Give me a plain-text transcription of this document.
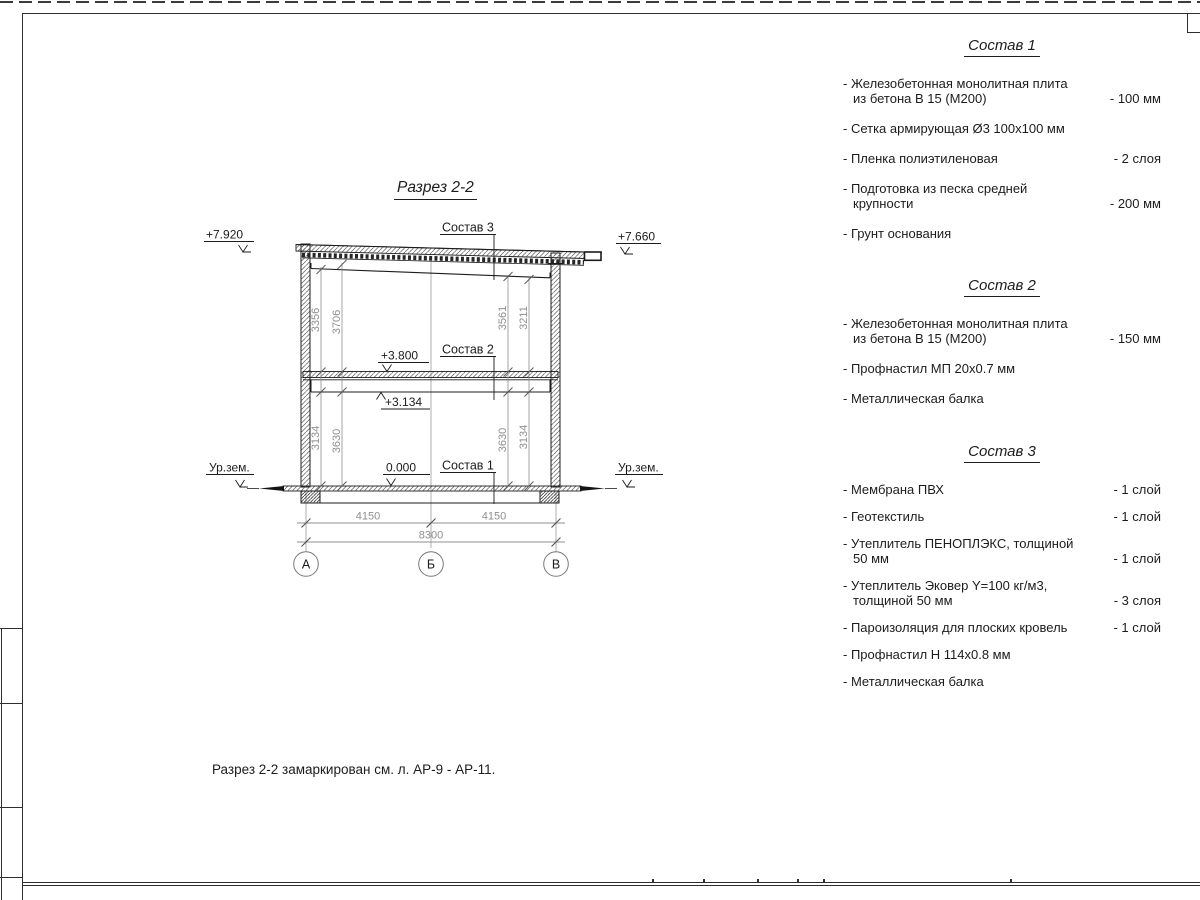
Разрез 2-2
4150	4150
8300
А	Б	В
3356 3706
3134 3630
3561 3211
3630 3134
+7.920	+7.660
+3.800
+3.134
0.000
Ур.зем.	Ур.зем.
Состав 3
Состав 2
Состав 1
Состав 1
- Железобетонная монолитная плита из бетона В 15 (М200)	- 100 мм
- Сетка армирующая Ø3 100х100 мм
- Пленка полиэтиленовая	- 2 слоя
- Подготовка из песка средней крупности	- 200 мм
- Грунт основания
Состав 2
- Железобетонная монолитная плита из бетона В 15 (М200)	- 150 мм
- Профнастил МП 20х0.7 мм
- Металлическая балка
Состав 3
- Мембрана ПВХ	- 1 слой
- Геотекстиль	- 1 слой
- Утеплитель ПЕНОПЛЭКС, толщиной 50 мм	- 1 слой
- Утеплитель Эковер Y=100 кг/м3, толщиной 50 мм	- 3 слоя
- Пароизоляция для плоских кровель	- 1 слой
- Профнастил Н 114х0.8 мм
- Металлическая балка
Разрез 2-2 замаркирован см. л. АР-9 - АР-11.
